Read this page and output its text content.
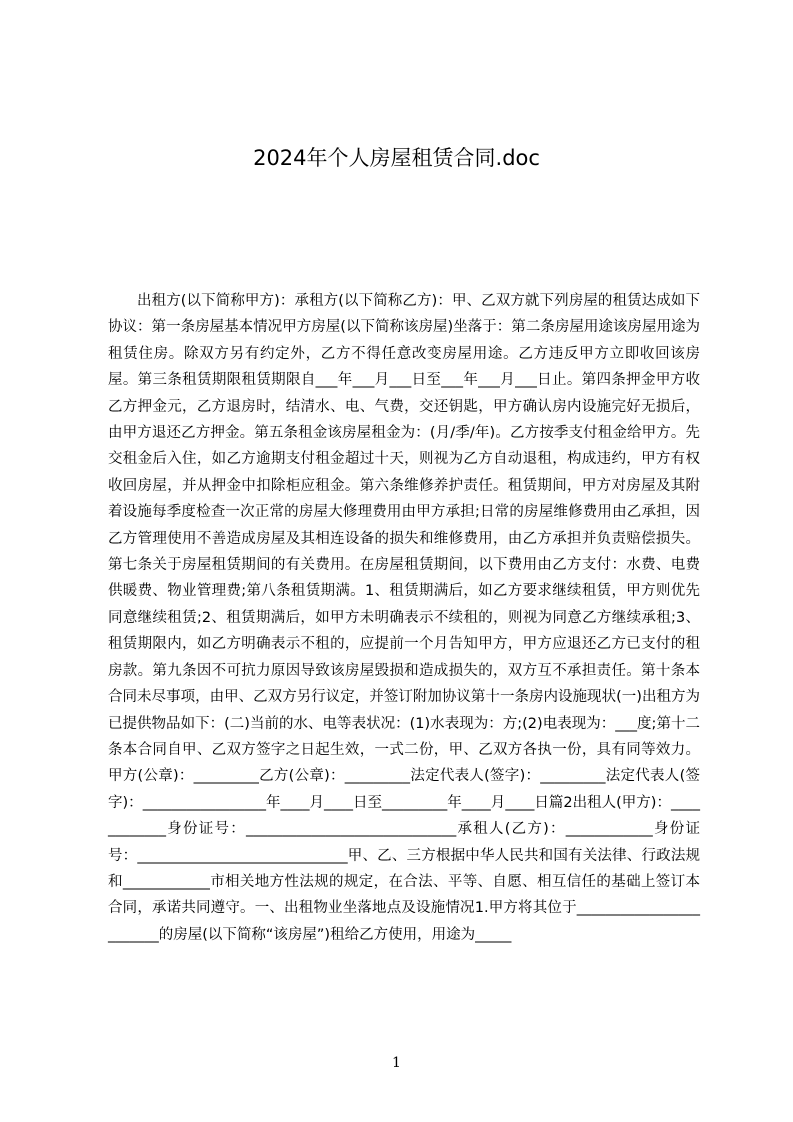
2024年个人房屋租赁合同.doc

出租方(以下简称甲方)：承租方(以下简称乙方)：甲、乙双方就下列房屋的租赁达成如下协议：第一条房屋基本情况甲方房屋(以下简称该房屋)坐落于：第二条房屋用途该房屋用途为租赁住房。除双方另有约定外，乙方不得任意改变房屋用途。乙方违反甲方立即收回该房屋。第三条租赁期限租赁期限自___年___月___日至___年___月___日止。第四条押金甲方收乙方押金元，乙方退房时，结清水、电、气费，交还钥匙，甲方确认房内设施完好无损后，由甲方退还乙方押金。第五条租金该房屋租金为：(月/季/年)。乙方按季支付租金给甲方。先交租金后入住，如乙方逾期支付租金超过十天，则视为乙方自动退租，构成违约，甲方有权收回房屋，并从押金中扣除柜应租金。第六条维修养护责任。租赁期间，甲方对房屋及其附着设施每季度检查一次正常的房屋大修理费用由甲方承担;日常的房屋维修费用由乙承担，因乙方管理使用不善造成房屋及其相连设备的损失和维修费用，由乙方承担并负责赔偿损失。第七条关于房屋租赁期间的有关费用。在房屋租赁期间，以下费用由乙方支付：水费、电费供暖费、物业管理费;第八条租赁期满。1、租赁期满后，如乙方要求继续租赁，甲方则优先同意继续租赁;2、租赁期满后，如甲方未明确表示不续租的，则视为同意乙方继续承租;3、租赁期限内，如乙方明确表示不租的，应提前一个月告知甲方，甲方应退还乙方已支付的租房款。第九条因不可抗力原因导致该房屋毁损和造成损失的，双方互不承担责任。第十条本合同未尽事项，由甲、乙双方另行议定，并签订附加协议第十一条房内设施现状(一)出租方为已提供物品如下：(二)当前的水、电等表状况：(1)水表现为：方;(2)电表现为：___度;第十二条本合同自甲、乙双方签字之日起生效，一式二份，甲、乙双方各执一份，具有同等效力。甲方(公章)：_________乙方(公章)：_________法定代表人(签字)：_________法定代表人(签字)：_________________年____月____日至_________年____月____日篇2出租人(甲方)：____________身份证号：_____________________________承租人(乙方)：____________身份证号：_____________________________甲、乙、三方根据中华人民共和国有关法律、行政法规和____________市相关地方性法规的规定，在合法、平等、自愿、相互信任的基础上签订本合同，承诺共同遵守。一、出租物业坐落地点及设施情况1.甲方将其位于________________________的房屋(以下简称“该房屋”)租给乙方使用，用途为_____

1
